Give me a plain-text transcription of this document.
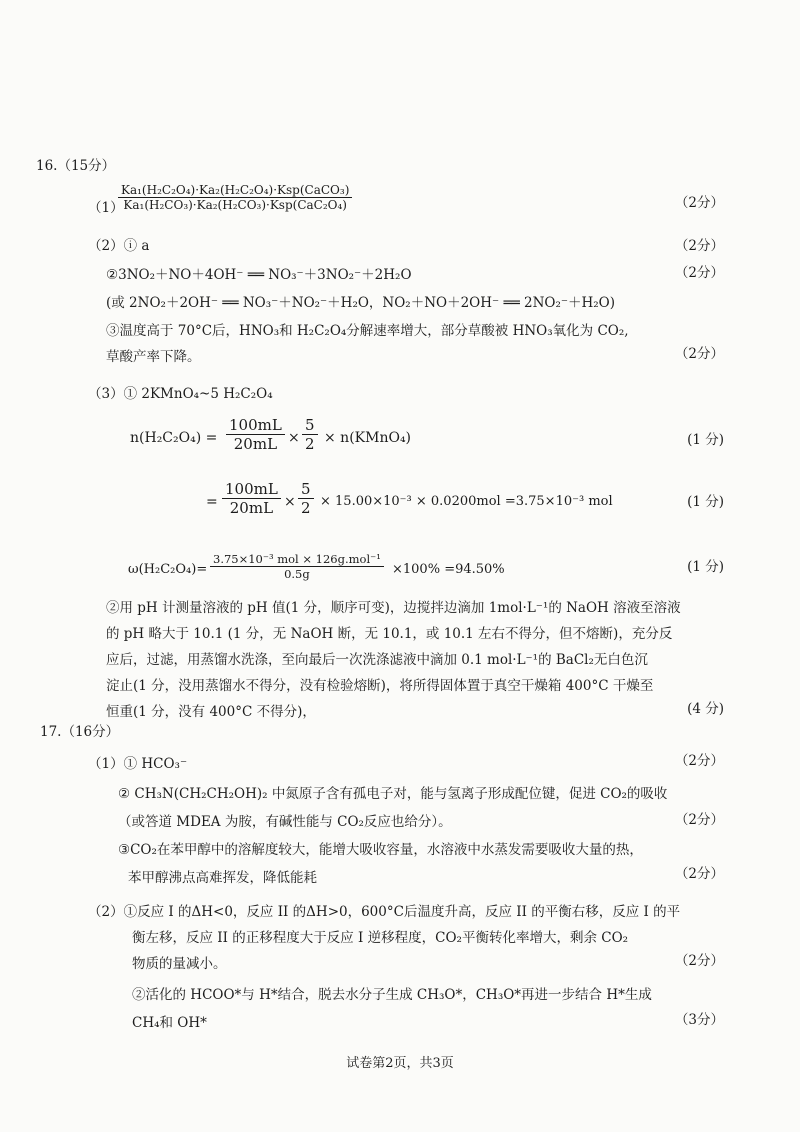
16.（15分）
（1）
Ka₁(H₂C₂O₄)·Ka₂(H₂C₂O₄)·Ksp(CaCO₃)
Ka₁(H₂CO₃)·Ka₂(H₂CO₃)·Ksp(CaC₂O₄)	（2分）
（2）ⓘ a	（2分）
②3NO₂＋NO＋4OH⁻ ══ NO₃⁻＋3NO₂⁻＋2H₂O	（2分）
(或 2NO₂＋2OH⁻ ══ NO₃⁻＋NO₂⁻＋H₂O，NO₂＋NO＋2OH⁻ ══ 2NO₂⁻＋H₂O)
③温度高于 70°C后，HNO₃和 H₂C₂O₄分解速率增大，部分草酸被 HNO₃氧化为 CO₂,
草酸产率下降。	（2分）
（3）① 2KMnO₄~5 H₂C₂O₄
n(H₂C₂O₄) =
100mL
20mL ×
5
2 × n(KMnO₄)	(1 分)
=
100mL
20mL ×
5
2 × 15.00×10⁻³ × 0.0200mol =3.75×10⁻³ mol	(1 分)
ω(H₂C₂O₄)=
3.75×10⁻³ mol × 126g.mol⁻¹
0.5g	×100% =94.50%	(1 分)
②用 pH 计测量溶液的 pH 值(1 分，顺序可变)，边搅拌边滴加 1mol·L⁻¹的 NaOH 溶液至溶液
的 pH 略大于 10.1 (1 分，无 NaOH 断，无 10.1，或 10.1 左右不得分，但不熔断)，充分反
应后，过滤，用蒸馏水洗涤，至向最后一次洗涤滤液中滴加 0.1 mol·L⁻¹的 BaCl₂无白色沉
淀止(1 分，没用蒸馏水不得分，没有检验熔断)，将所得固体置于真空干燥箱 400°C 干燥至
恒重(1 分，没有 400°C 不得分)，	(4 分)
17.（16分）
（1）① HCO₃⁻	（2分）
② CH₃N(CH₂CH₂OH)₂ 中氮原子含有孤电子对，能与氢离子形成配位键，促进 CO₂的吸收
（或答道 MDEA 为胺，有碱性能与 CO₂反应也给分）。	（2分）
③CO₂在苯甲醇中的溶解度较大，能增大吸收容量，水溶液中水蒸发需要吸收大量的热，
苯甲醇沸点高难挥发，降低能耗	（2分）
（2）①反应 I 的ΔH<0，反应 II 的ΔH>0，600°C后温度升高，反应 II 的平衡右移，反应 I 的平
衡左移，反应 II 的正移程度大于反应 I 逆移程度，CO₂平衡转化率增大，剩余 CO₂
物质的量减小。	（2分）
②活化的 HCOO*与 H*结合，脱去水分子生成 CH₃O*，CH₃O*再进一步结合 H*生成
CH₄和 OH*	（3分）
试卷第2页，共3页
